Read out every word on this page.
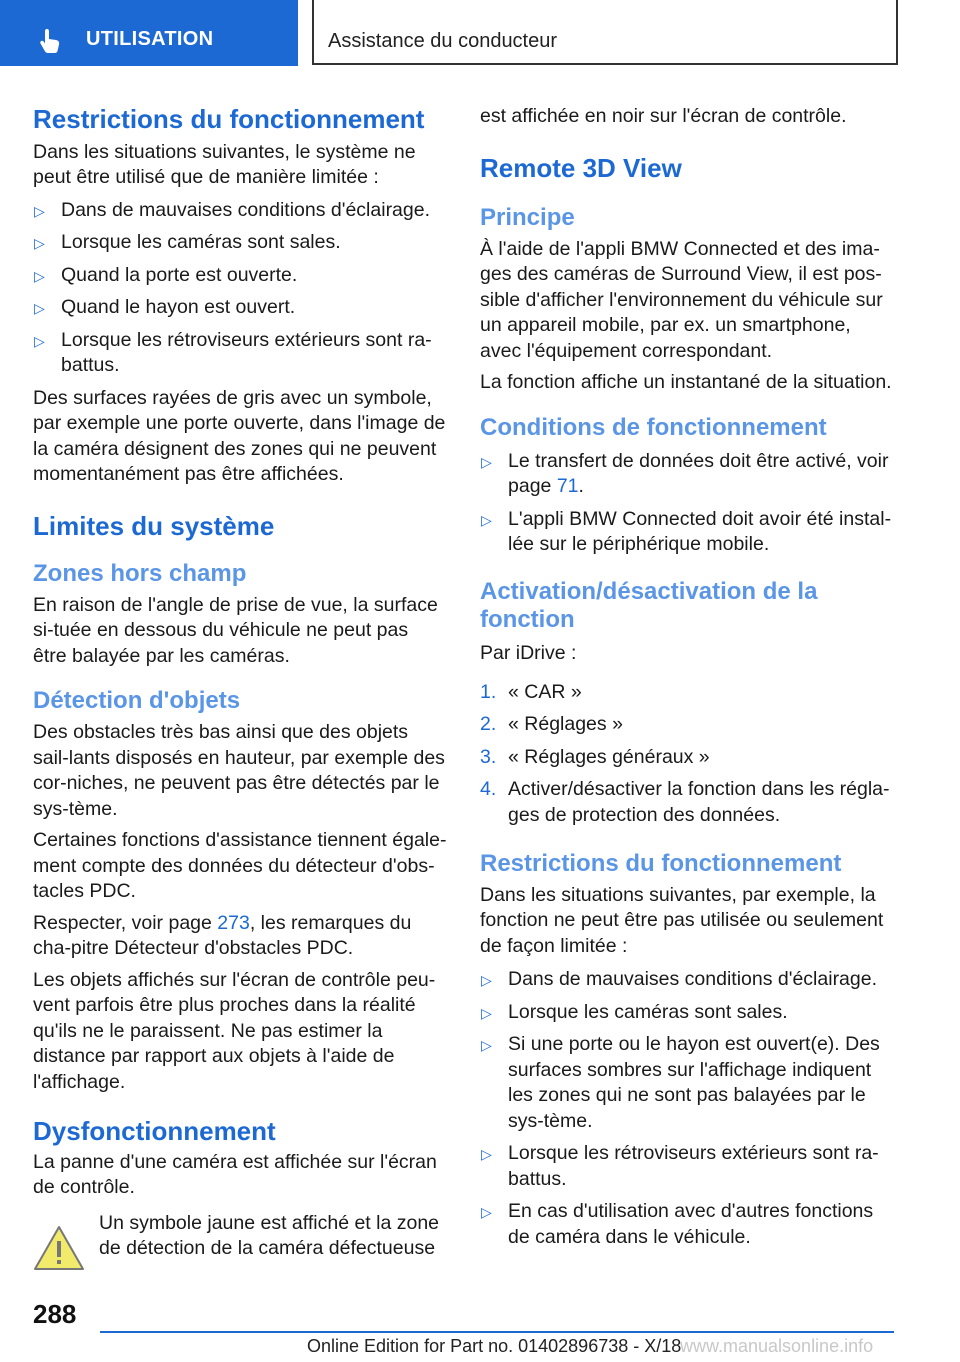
UTILISATION	Assistance du conducteur
Restrictions du fonctionnement

Dans les situations suivantes, le système ne peut être utilisé que de manière limitée :

▷ Dans de mauvaises conditions d'éclairage.
▷ Lorsque les caméras sont sales.
▷ Quand la porte est ouverte.
▷ Quand le hayon est ouvert.
▷ Lorsque les rétroviseurs extérieurs sont ra-battus.

Des surfaces rayées de gris avec un symbole, par exemple une porte ouverte, dans l'image de la caméra désignent des zones qui ne peuvent momentanément pas être affichées.

Limites du système
Zones hors champ

En raison de l'angle de prise de vue, la surface si-tuée en dessous du véhicule ne peut pas être balayée par les caméras.

Détection d'objets

Des obstacles très bas ainsi que des objets sail-lants disposés en hauteur, par exemple des cor-niches, ne peuvent pas être détectés par le sys-tème.

Certaines fonctions d'assistance tiennent égale-ment compte des données du détecteur d'obs-tacles PDC.

Respecter, voir page 273, les remarques du cha-pitre Détecteur d'obstacles PDC.

Les objets affichés sur l'écran de contrôle peu-vent parfois être plus proches dans la réalité qu'ils ne le paraissent. Ne pas estimer la distance par rapport aux objets à l'aide de l'affichage.

Dysfonctionnement

La panne d'une caméra est affichée sur l'écran de contrôle.

Un symbole jaune est affiché et la zone de détection de la caméra défectueuse

est affichée en noir sur l'écran de contrôle.

Remote 3D View
Principe

À l'aide de l'appli BMW Connected et des ima-ges des caméras de Surround View, il est pos-sible d'afficher l'environnement du véhicule sur un appareil mobile, par ex. un smartphone, avec l'équipement correspondant.

La fonction affiche un instantané de la situation.

Conditions de fonctionnement
▷ Le transfert de données doit être activé, voir page 71.
▷ L'appli BMW Connected doit avoir été instal-lée sur le périphérique mobile.
Activation/désactivation de la fonction

Par iDrive :

1. « CAR »
2. « Réglages »
3. « Réglages généraux »
4. Activer/désactiver la fonction dans les régla-ges de protection des données.
Restrictions du fonctionnement

Dans les situations suivantes, par exemple, la fonction ne peut être pas utilisée ou seulement de façon limitée :

▷ Dans de mauvaises conditions d'éclairage.
▷ Lorsque les caméras sont sales.
▷ Si une porte ou le hayon est ouvert(e). Des surfaces sombres sur l'affichage indiquent les zones qui ne sont pas balayées par le sys-tème.
▷ Lorsque les rétroviseurs extérieurs sont ra-battus.
▷ En cas d'utilisation avec d'autres fonctions de caméra dans le véhicule.
288
Online Edition for Part no. 01402896738 - X/18
www.manualsonline.info
